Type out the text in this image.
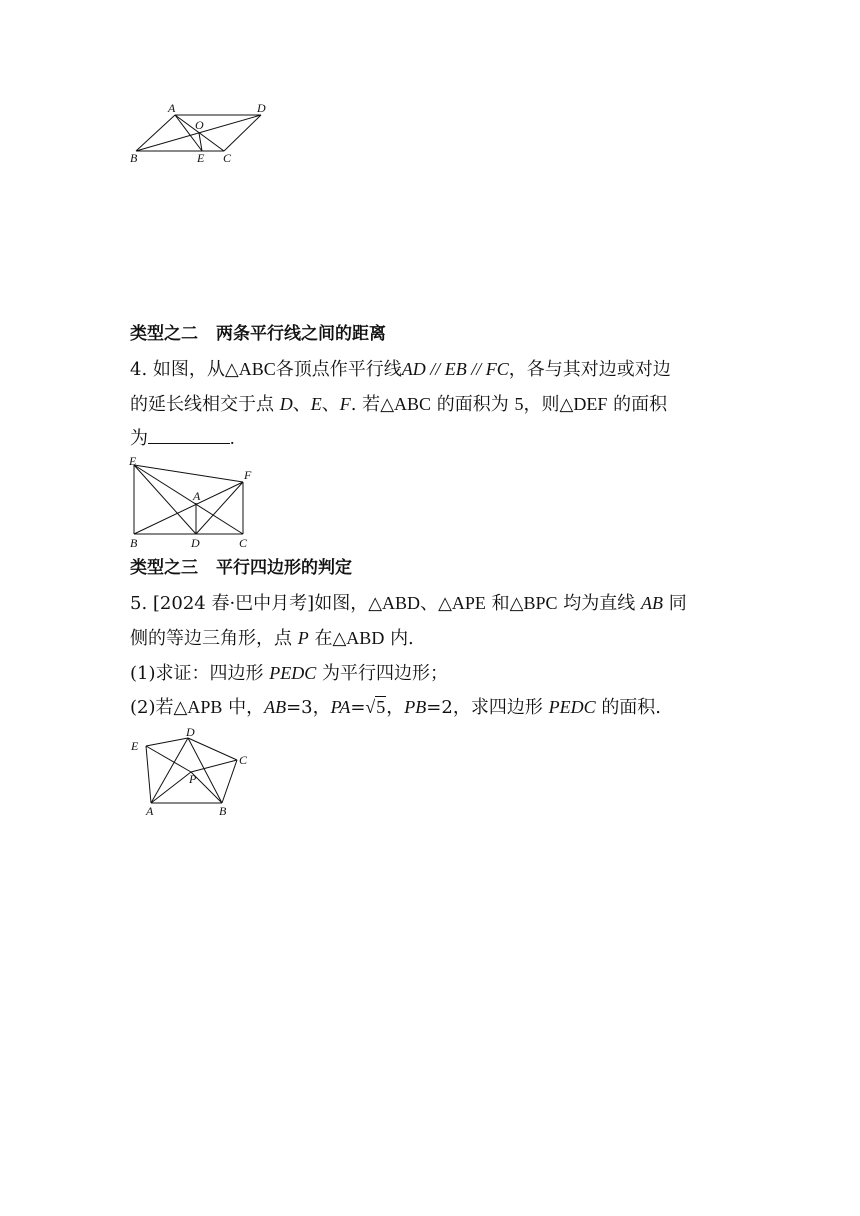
A	D
O
B	E C
类型之二 两条平行线之间的距离
4. 如图，从△ABC各顶点作平行线AD // EB // FC，各与其对边或对边
的延长线相交于点 D、E、F. 若△ABC 的面积为 5，则△DEF 的面积
为	.
E
F
A
B	D	C
类型之三 平行四边形的判定
5. [2024 春·巴中月考]如图，△ABD、△APE 和△BPC 均为直线 AB 同
侧的等边三角形，点 P 在△ABD 内.
(1)求证：四边形 PEDC 为平行四边形；
(2)若△APB 中，AB=3，PA=√5，PB=2，求四边形 PEDC 的面积.
E
D
C
P
A	B
